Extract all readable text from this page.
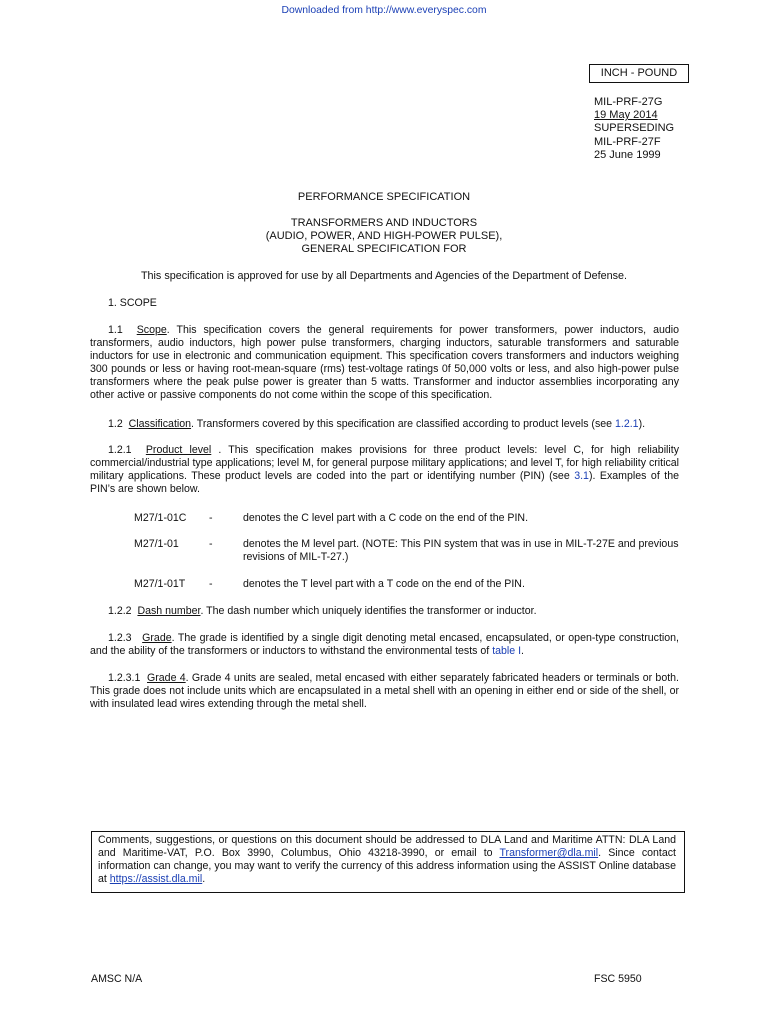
Downloaded from http://www.everyspec.com
INCH - POUND
MIL-PRF-27G
19 May 2014
SUPERSEDING
MIL-PRF-27F
25 June 1999
PERFORMANCE SPECIFICATION
TRANSFORMERS AND INDUCTORS
(AUDIO, POWER, AND HIGH-POWER PULSE),
GENERAL SPECIFICATION FOR
This specification is approved for use by all Departments and Agencies of the Department of Defense.
1. SCOPE
1.1 Scope. This specification covers the general requirements for power transformers, power inductors, audio transformers, audio inductors, high power pulse transformers, charging inductors, saturable transformers and saturable inductors for use in electronic and communication equipment. This specification covers transformers and inductors weighing 300 pounds or less or having root-mean-square (rms) test-voltage ratings 0f 50,000 volts or less, and also high-power pulse transformers where the peak pulse power is greater than 5 watts. Transformer and inductor assemblies incorporating any other active or passive components do not come within the scope of this specification.
1.2 Classification. Transformers covered by this specification are classified according to product levels (see 1.2.1).
1.2.1 Product level . This specification makes provisions for three product levels: level C, for high reliability commercial/industrial type applications; level M, for general purpose military applications; and level T, for high reliability critical military applications. These product levels are coded into the part or identifying number (PIN) (see 3.1). Examples of the PIN’s are shown below.
M27/1-01C -	denotes the C level part with a C code on the end of the PIN.
M27/1-01	-	denotes the M level part. (NOTE: This PIN system that was in use in MIL-T-27E and previous revisions of MIL-T-27.)
M27/1-01T -	denotes the T level part with a T code on the end of the PIN.
1.2.2 Dash number. The dash number which uniquely identifies the transformer or inductor.
1.2.3 Grade. The grade is identified by a single digit denoting metal encased, encapsulated, or open-type construction, and the ability of the transformers or inductors to withstand the environmental tests of table I.
1.2.3.1 Grade 4. Grade 4 units are sealed, metal encased with either separately fabricated headers or terminals or both. This grade does not include units which are encapsulated in a metal shell with an opening in either end or side of the shell, or with insulated lead wires extending through the metal shell.
Comments, suggestions, or questions on this document should be addressed to DLA Land and Maritime ATTN: DLA Land and Maritime-VAT, P.O. Box 3990, Columbus, Ohio 43218-3990, or email to Transformer@dla.mil. Since contact information can change, you may want to verify the currency of this address information using the ASSIST Online database at https://assist.dla.mil.
AMSC N/A	FSC 5950
